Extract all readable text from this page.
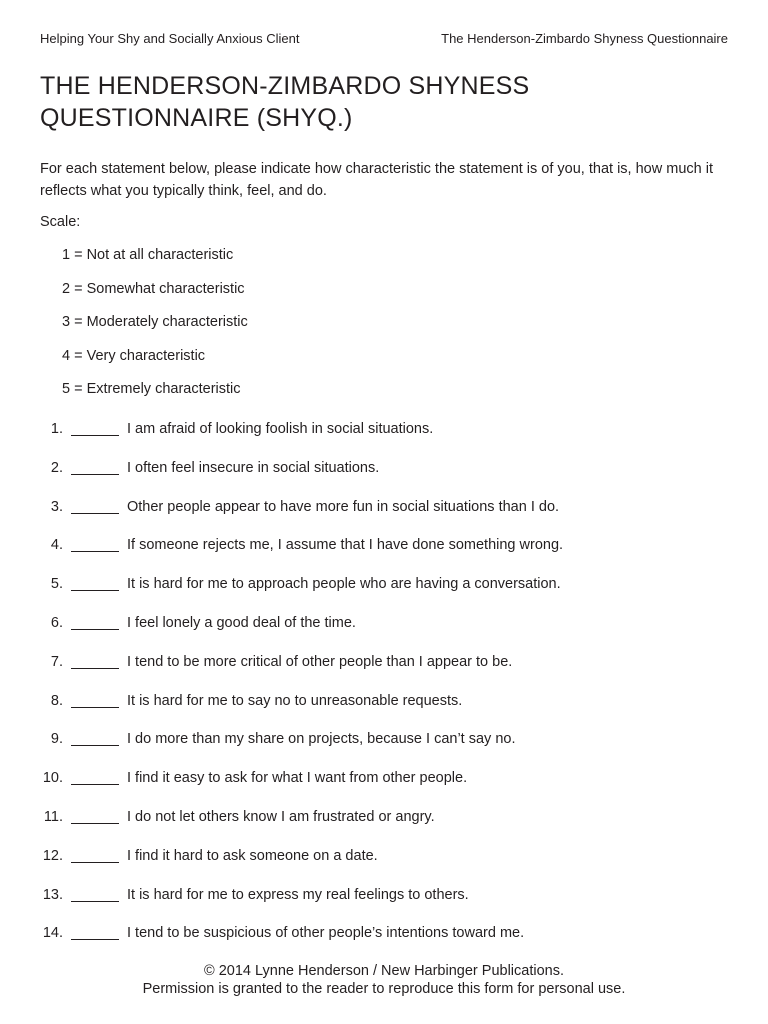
Helping Your Shy and Socially Anxious Client	The Henderson-Zimbardo Shyness Questionnaire
THE HENDERSON-ZIMBARDO SHYNESS QUESTIONNAIRE (SHYQ.)

For each statement below, please indicate how characteristic the statement is of you, that is, how much it reflects what you typically think, feel, and do.

Scale:
1 = Not at all characteristic
2 = Somewhat characteristic
3 = Moderately characteristic
4 = Very characteristic
5 = Extremely characteristic
1.	I am afraid of looking foolish in social situations.
2.	I often feel insecure in social situations.
3.	Other people appear to have more fun in social situations than I do.
4.	If someone rejects me, I assume that I have done something wrong.
5.	It is hard for me to approach people who are having a conversation.
6.	I feel lonely a good deal of the time.
7.	I tend to be more critical of other people than I appear to be.
8.	It is hard for me to say no to unreasonable requests.
9.	I do more than my share on projects, because I can’t say no.
10.	I find it easy to ask for what I want from other people.
11.	I do not let others know I am frustrated or angry.
12.	I find it hard to ask someone on a date.
13.	It is hard for me to express my real feelings to others.
14.	I tend to be suspicious of other people’s intentions toward me.
© 2014 Lynne Henderson / New Harbinger Publications.
Permission is granted to the reader to reproduce this form for personal use.
